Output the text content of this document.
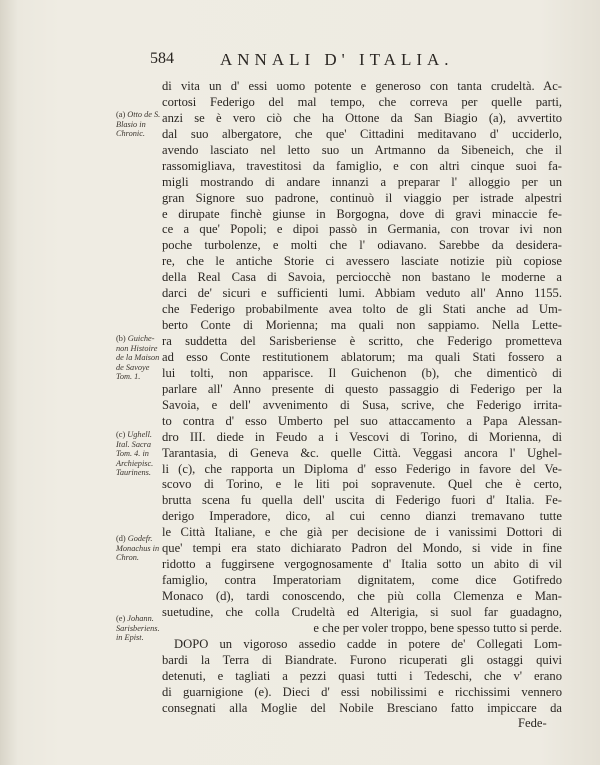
584	ANNALI D' ITALIA.
(a) Otto de S. Blasio in Chronic.
(b) Guiche-non Histoire de la Maison de Savoye Tom. 1.
(c) Ughell. Ital. Sacra Tom. 4. in Archiepisc. Taurinens.
(d) Godefr. Monachus in Chron.
(e) Johann. Sarisberiens. in Epist.
di vita un d' essi uomo potente e generoso con tanta crudeltà. Ac-
cortosi Federigo del mal tempo, che correva per quelle parti,
anzi se è vero ciò che ha Ottone da San Biagio (a), avvertito
dal suo albergatore, che que' Cittadini meditavano d' ucciderlo,
avendo lasciato nel letto suo un Artmanno da Sibeneich, che il
rassomigliava, travestitosi da famiglio, e con altri cinque suoi fa-
migli mostrando di andare innanzi a preparar l' alloggio per un
gran Signore suo padrone, continuò il viaggio per istrade alpestri
e dirupate finchè giunse in Borgogna, dove di gravi minaccie fe-
ce a que' Popoli; e dipoi passò in Germania, con trovar ivi non
poche turbolenze, e molti che l' odiavano. Sarebbe da desidera-
re, che le antiche Storie ci avessero lasciate notizie più copiose
della Real Casa di Savoia, perciocchè non bastano le moderne a
darci de' sicuri e sufficienti lumi. Abbiam veduto all' Anno 1155.
che Federigo probabilmente avea tolto de gli Stati anche ad Um-
berto Conte di Morienna; ma quali non sappiamo. Nella Lette-
ra suddetta del Sarisberiense è scritto, che Federigo prometteva
ad esso Conte restitutionem ablatorum; ma quali Stati fossero a
lui tolti, non apparisce. Il Guichenon (b), che dimenticò di
parlare all' Anno presente di questo passaggio di Federigo per la
Savoia, e dell' avvenimento di Susa, scrive, che Federigo irrita-
to contra d' esso Umberto pel suo attaccamento a Papa Alessan-
dro III. diede in Feudo a i Vescovi di Torino, di Morienna, di
Tarantasia, di Geneva &c. quelle Città. Veggasi ancora l' Ughel-
li (c), che rapporta un Diploma d' esso Federigo in favore del Ve-
scovo di Torino, e le liti poi sopravenute. Quel che è certo,
brutta scena fu quella dell' uscita di Federigo fuori d' Italia. Fe-
derigo Imperadore, dico, al cui cenno dianzi tremavano tutte
le Città Italiane, e che già per decisione de i vanissimi Dottori di
que' tempi era stato dichiarato Padron del Mondo, si vide in fine
ridotto a fuggirsene vergognosamente d' Italia sotto un abito di vil
famiglio, contra Imperatoriam dignitatem, come dice Gotifredo
Monaco (d), tardi conoscendo, che più colla Clemenza e Man-
suetudine, che colla Crudeltà ed Alterigia, si suol far guadagno,
e che per voler troppo, bene spesso tutto si perde.
DOPO un vigoroso assedio cadde in potere de' Collegati Lom-
bardi la Terra di Biandrate. Furono ricuperati gli ostaggi quivi
detenuti, e tagliati a pezzi quasi tutti i Tedeschi, che v' erano
di guarnigione (e). Dieci d' essi nobilissimi e ricchissimi vennero
consegnati alla Moglie del Nobile Bresciano fatto impiccare da
Fede-
